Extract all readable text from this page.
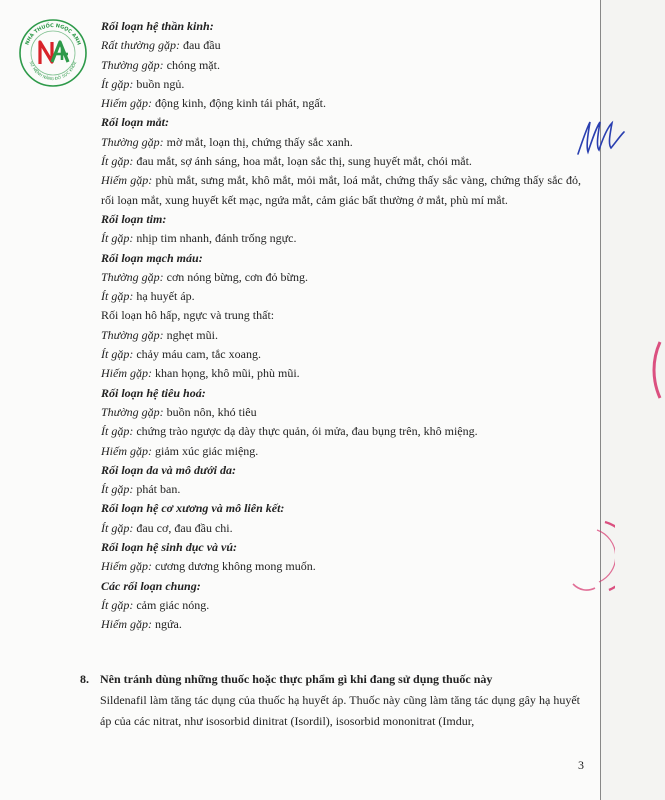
NHÀ THUỐC NGỌC ANH
SỨ MỆNH NÂNG ĐỠ SỨC KHỎE
Rối loạn hệ thần kinh:
Rất thường gặp: đau đầu
Thường gặp: chóng mặt.
Ít gặp: buồn ngủ.
Hiếm gặp: động kinh, động kinh tái phát, ngất.
Rối loạn mắt:
Thường gặp: mờ mắt, loạn thị, chứng thấy sắc xanh.
Ít gặp: đau mắt, sợ ánh sáng, hoa mắt, loạn sắc thị, sung huyết mắt, chói mắt.
Hiếm gặp: phù mắt, sưng mắt, khô mắt, mỏi mắt, loá mắt, chứng thấy sắc vàng, chứng thấy sắc đỏ, rối loạn mắt, xung huyết kết mạc, ngứa mắt, cảm giác bất thường ở mắt, phù mí mắt.
Rối loạn tim:
Ít gặp: nhịp tim nhanh, đánh trống ngực.
Rối loạn mạch máu:
Thường gặp: cơn nóng bừng, cơn đỏ bừng.
Ít gặp: hạ huyết áp.
Rối loạn hô hấp, ngực và trung thất:
Thường gặp: nghẹt mũi.
Ít gặp: chảy máu cam, tắc xoang.
Hiếm gặp: khan họng, khô mũi, phù mũi.
Rối loạn hệ tiêu hoá:
Thường gặp: buồn nôn, khó tiêu
Ít gặp: chứng trào ngược dạ dày thực quản, ói mửa, đau bụng trên, khô miệng.
Hiếm gặp: giảm xúc giác miệng.
Rối loạn da và mô dưới da:
Ít gặp: phát ban.
Rối loạn hệ cơ xương và mô liên kết:
Ít gặp: đau cơ, đau đầu chi.
Rối loạn hệ sinh dục và vú:
Hiếm gặp: cương dương không mong muốn.
Các rối loạn chung:
Ít gặp: cảm giác nóng.
Hiếm gặp: ngứa.
8. Nên tránh dùng những thuốc hoặc thực phẩm gì khi đang sử dụng thuốc này
Sildenafil làm tăng tác dụng của thuốc hạ huyết áp. Thuốc này cũng làm tăng tác dụng gây hạ huyết áp của các nitrat, như isosorbid dinitrat (Isordil), isosorbid mononitrat (Imdur,
3
